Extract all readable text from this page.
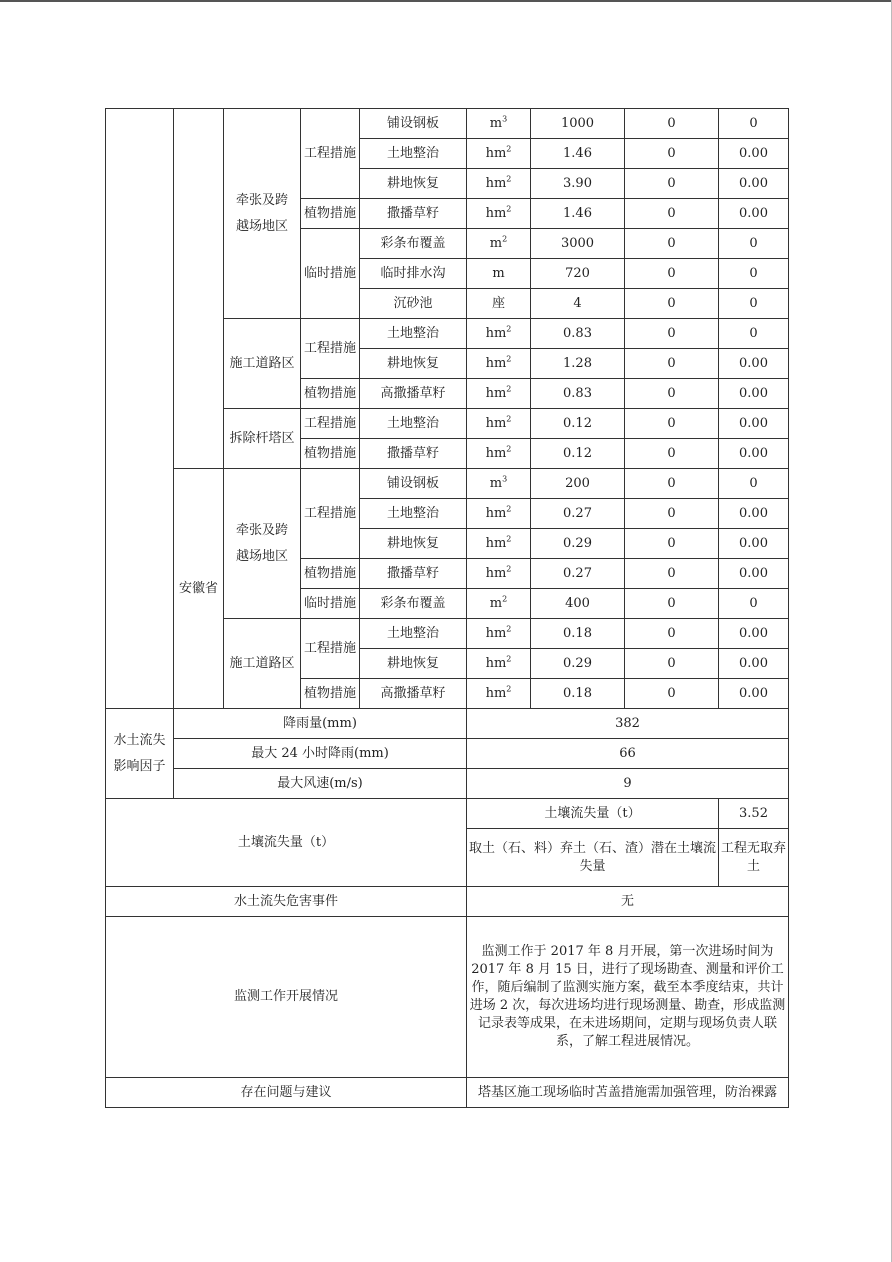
		牵张及跨越场地区	工程措施	铺设钢板	$m^3$	1000	0	0
				土地整治	$hm^2$	1.46	0	0.00
				耕地恢复	$hm^2$	3.90	0	0.00
			植物措施	撒播草籽	$hm^2$	1.46	0	0.00
			临时措施	彩条布覆盖	$m^2$	3000	0	0
				临时排水沟	m	720	0	0
				沉砂池	座	4	0	0
		施工道路区	工程措施	土地整治	$hm^2$	0.83	0	0
				耕地恢复	$hm^2$	1.28	0	0.00
			植物措施	高撒播草籽	$hm^2$	0.83	0	0.00
		拆除杆塔区	工程措施	土地整治	$hm^2$	0.12	0	0.00
			植物措施	撒播草籽	$hm^2$	0.12	0	0.00
	安徽省	牵张及跨越场地区	工程措施	铺设钢板	$m^3$	200	0	0
				土地整治	$hm^2$	0.27	0	0.00
				耕地恢复	$hm^2$	0.29	0	0.00
			植物措施	撒播草籽	$hm^2$	0.27	0	0.00
			临时措施	彩条布覆盖	$m^2$	400	0	0
		施工道路区	工程措施	土地整治	$hm^2$	0.18	0	0.00
				耕地恢复	$hm^2$	0.29	0	0.00
			植物措施	高撒播草籽	$hm^2$	0.18	0	0.00
水土流失影响因子	降雨量(mm)				382			
	最大 24 小时降雨(mm)				66			
	最大风速(m/s)				9			
土壤流失量（t）					土壤流失量（t）			3.52
					取土（石、料）弃土（石、渣）潜在土壤流失量			工程无取弃土
水土流失危害事件					无			
监测工作开展情况					监测工作于 2017 年 8 月开展，第一次进场时间为 2017 年 8 月 15 日，进行了现场勘查、测量和评价工作，随后编制了监测实施方案，截至本季度结束，共计进场 2 次，每次进场均进行现场测量、勘查，形成监测记录表等成果，在未进场期间，定期与现场负责人联系，了解工程进展情况。			
存在问题与建议					塔基区施工现场临时苫盖措施需加强管理，防治裸露			
